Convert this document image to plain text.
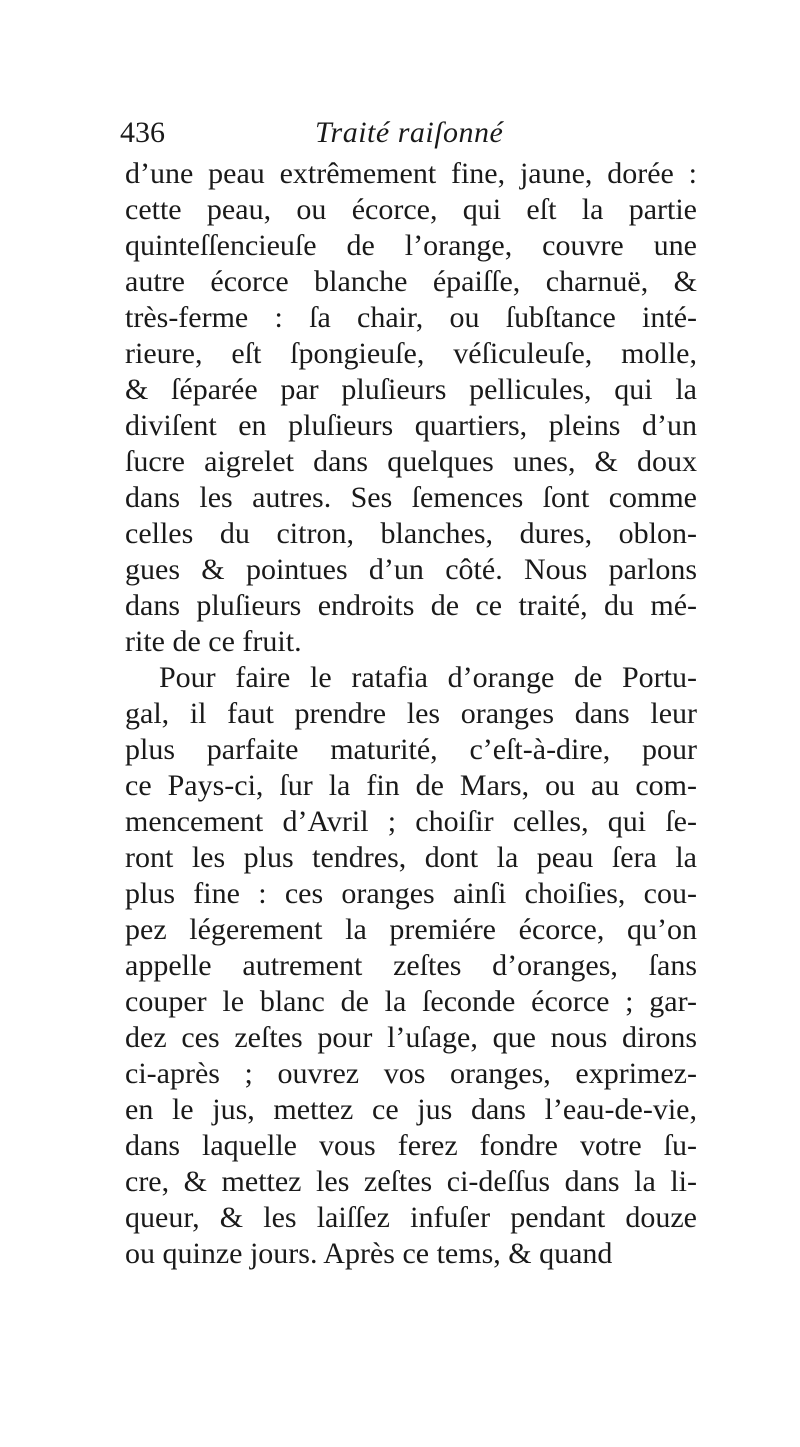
436	Traité raiſonné
d’une peau extrêmement fine, jaune, dorée :
cette peau, ou écorce, qui eſt la partie
quinteſſencieuſe de l’orange, couvre une
autre écorce blanche épaiſſe, charnuë, &
très-ferme : ſa chair, ou ſubſtance inté-
rieure, eſt ſpongieuſe, véſiculeuſe, molle,
& ſéparée par pluſieurs pellicules, qui la
diviſent en pluſieurs quartiers, pleins d’un
ſucre aigrelet dans quelques unes, & doux
dans les autres. Ses ſemences ſont comme
celles du citron, blanches, dures, oblon-
gues & pointues d’un côté. Nous parlons
dans pluſieurs endroits de ce traité, du mé-
rite de ce fruit.
Pour faire le ratafia d’orange de Portu-
gal, il faut prendre les oranges dans leur
plus parfaite maturité, c’eſt-à-dire, pour
ce Pays-ci, ſur la fin de Mars, ou au com-
mencement d’Avril ; choiſir celles, qui ſe-
ront les plus tendres, dont la peau ſera la
plus fine : ces oranges ainſi choiſies, cou-
pez légerement la premiére écorce, qu’on
appelle autrement zeſtes d’oranges, ſans
couper le blanc de la ſeconde écorce ; gar-
dez ces zeſtes pour l’uſage, que nous dirons
ci-après ; ouvrez vos oranges, exprimez-
en le jus, mettez ce jus dans l’eau-de-vie,
dans laquelle vous ferez fondre votre ſu-
cre, & mettez les zeſtes ci-deſſus dans la li-
queur, & les laiſſez infuſer pendant douze
ou quinze jours. Après ce tems, & quand
